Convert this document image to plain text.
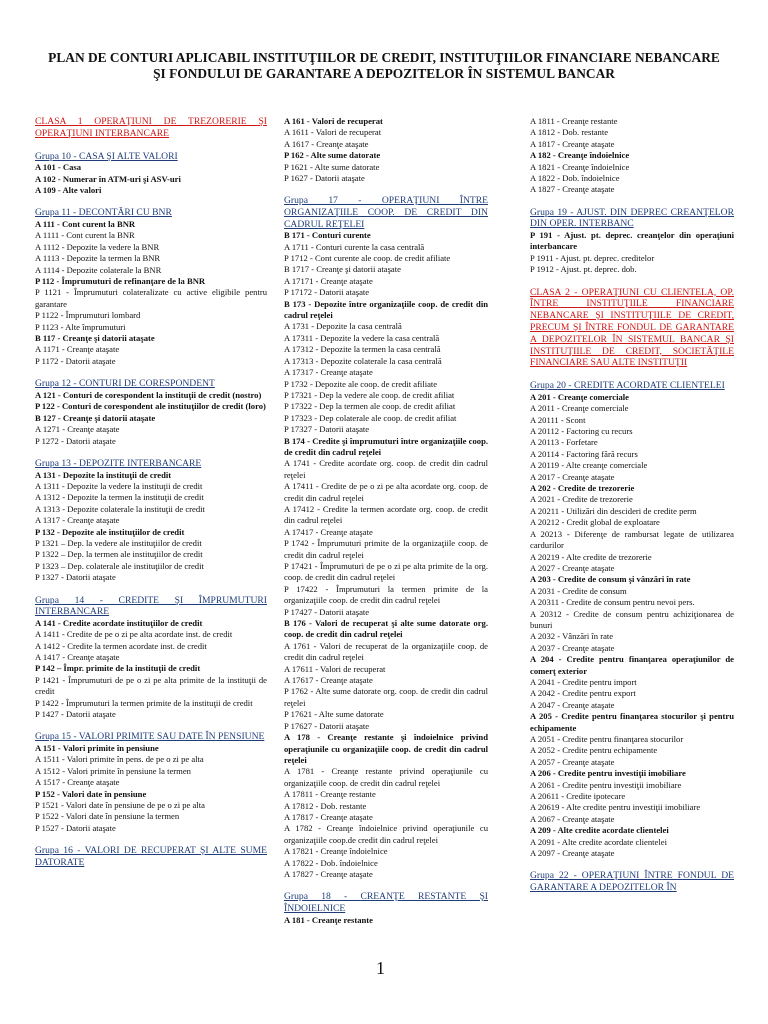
PLAN DE CONTURI APLICABIL INSTITUŢIILOR DE CREDIT, INSTITUŢIILOR FINANCIARE NEBANCARE
ŞI FONDULUI DE GARANTARE A DEPOZITELOR ÎN SISTEMUL BANCAR
CLASA 1 OPERAŢIUNI DE TREZORERIE ŞI OPERAŢIUNI INTERBANCARE
Grupa 10 - CASA ŞI ALTE VALORI
A 101 - Casa
A 102 - Numerar în ATM-uri şi ASV-uri
A 109 - Alte valori
Grupa 11 - DECONTĂRI CU BNR
A 111 - Cont curent la BNR
A 1111 - Cont curent la BNR
A 1112 - Depozite la vedere la BNR
A 1113 - Depozite la termen la BNR
A 1114 - Depozite colaterale la BNR
P 112 - Împrumuturi de refinanţare de la BNR
P 1121 - Împrumuturi colateralizate cu active eligibile pentru garantare
P 1122 - Împrumuturi lombard
P 1123 - Alte împrumuturi
B 117 - Creanţe şi datorii ataşate
A 1171 - Creanţe ataşate
P 1172 - Datorii ataşate
Grupa 12 - CONTURI DE CORESPONDENT
A 121 - Conturi de corespondent la instituţii de credit (nostro)
P 122 - Conturi de corespondent ale instituţiilor de credit (loro)
B 127 - Creanţe şi datorii ataşate
A 1271 - Creanţe ataşate
P 1272 - Datorii ataşate
Grupa 13 - DEPOZITE INTERBANCARE
A 131 - Depozite la instituţii de credit
A 1311 - Depozite la vedere la instituţii de credit
A 1312 - Depozite la termen la instituţii de credit
A 1313 - Depozite colaterale la instituţii de credit
A 1317 - Creanţe ataşate
P 132 - Depozite ale instituţiilor de credit
P 1321 – Dep. la vedere ale instituţiilor de credit
P 1322 – Dep. la termen ale instituţiilor de credit
P 1323 – Dep. colaterale ale instituţiilor de credit
P 1327 - Datorii ataşate
Grupa 14 - CREDITE ŞI ÎMPRUMUTURI INTERBANCARE
A 141 - Credite acordate instituţiilor de credit
A 1411 - Credite de pe o zi pe alta acordate inst. de credit
A 1412 - Credite la termen acordate inst. de credit
A 1417 - Creanţe ataşate
P 142 – Împr. primite de la instituţii de credit
P 1421 - Împrumuturi de pe o zi pe alta primite de la instituţii de credit
P 1422 - Împrumuturi la termen primite de la instituţii de credit
P 1427 - Datorii ataşate
Grupa 15 - VALORI PRIMITE SAU DATE ÎN PENSIUNE
A 151 - Valori primite în pensiune
A 1511 - Valori primite în pens. de pe o zi pe alta
A 1512 - Valori primite în pensiune la termen
A 1517 - Creanţe ataşate
P 152 - Valori date în pensiune
P 1521 - Valori date în pensiune de pe o zi pe alta
P 1522 - Valori date în pensiune la termen
P 1527 - Datorii ataşate
Grupa 16 - VALORI DE RECUPERAT ŞI ALTE SUME DATORATE
A 161 - Valori de recuperat
A 1611 - Valori de recuperat
A 1617 - Creanţe ataşate
P 162 - Alte sume datorate
P 1621 - Alte sume datorate
P 1627 - Datorii ataşate
Grupa 17 - OPERAŢIUNI ÎNTRE ORGANIZAŢIILE COOP. DE CREDIT DIN CADRUL REŢELEI
B 171 - Conturi curente
A 1711 - Conturi curente la casa centrală
P 1712 - Cont curente ale coop. de credit afiliate
B 1717 - Creanţe şi datorii ataşate
A 17171 - Creanţe ataşate
P 17172 - Datorii ataşate
B 173 - Depozite între organizaţiile coop. de credit din cadrul reţelei
A 1731 - Depozite la casa centrală
A 17311 - Depozite la vedere la casa centrală
A 17312 - Depozite la termen la casa centrală
A 17313 - Depozite colaterale la casa centrală
A 17317 - Creanţe ataşate
P 1732 - Depozite ale coop. de credit afiliate
P 17321 - Dep la vedere ale coop. de credit afiliat
P 17322 - Dep la termen ale coop. de credit afiliat
P 17323 - Dep colaterale ale coop. de credit afiliat
P 17327 - Datorii ataşate
B 174 - Credite şi împrumuturi între organizaţiile coop. de credit din cadrul reţelei
A 1741 - Credite acordate org. coop. de credit din cadrul reţelei
A 17411 - Credite de pe o zi pe alta acordate org. coop. de credit din cadrul reţelei
A 17412 - Credite la termen acordate org. coop. de credit din cadrul reţelei
A 17417 - Creanţe ataşate
P 1742 - Împrumuturi primite de la organizaţiile coop. de credit din cadrul reţelei
P 17421 - Împrumuturi de pe o zi pe alta primite de la org. coop. de credit din cadrul reţelei
P 17422 - Împrumuturi la termen primite de la organizaţiile coop. de credit din cadrul reţelei
P 17427 - Datorii ataşate
B 176 - Valori de recuperat şi alte sume datorate org. coop. de credit din cadrul reţelei
A 1761 - Valori de recuperat de la organizaţiile coop. de credit din cadrul reţelei
A 17611 - Valori de recuperat
A 17617 - Creanţe ataşate
P 1762 - Alte sume datorate org. coop. de credit din cadrul reţelei
P 17621 - Alte sume datorate
P 17627 - Datorii ataşate
A 178 - Creanţe restante şi îndoielnice privind operaţiunile cu organizaţiile coop. de credit din cadrul reţelei
A 1781 - Creanţe restante privind operaţiunile cu organizaţiile coop. de credit din cadrul reţelei
A 17811 - Creanţe restante
A 17812 - Dob. restante
A 17817 - Creanţe ataşate
A 1782 - Creanţe îndoielnice privind operaţiunile cu organizaţiile coop.de credit din cadrul reţelei
A 17821 - Creanţe îndoielnice
A 17822 - Dob. îndoielnice
A 17827 - Creanţe ataşate
Grupa 18 - CREANŢE RESTANTE ŞI ÎNDOIELNICE
A 181 - Creanţe restante
A 1811 - Creanţe restante
A 1812 - Dob. restante
A 1817 - Creanţe ataşate
A 182 - Creanţe îndoielnice
A 1821 - Creanţe îndoielnice
A 1822 - Dob. îndoielnice
A 1827 - Creanţe ataşate
Grupa 19 - AJUST. DIN DEPREC CREANŢELOR DIN OPER. INTERBANC
P 191 - Ajust. pt. deprec. creanţelor din operaţiuni interbancare
P 1911 - Ajust. pt. deprec. creditelor
P 1912 - Ajust. pt. deprec. dob.
CLASA 2 - OPERAŢIUNI CU CLIENTELA, OP. ÎNTRE INSTITUŢIILE FINANCIARE NEBANCARE ŞI INSTITUŢIILE DE CREDIT, PRECUM ŞI ÎNTRE FONDUL DE GARANTARE A DEPOZITELOR ÎN SISTEMUL BANCAR ŞI INSTITUŢIILE DE CREDIT, SOCIETĂŢILE FINANCIARE SAU ALTE INSTITUŢII
Grupa 20 - CREDITE ACORDATE CLIENTELEI
A 201 - Creanţe comerciale
A 2011 - Creanţe comerciale
A 20111 - Scont
A 20112 - Factoring cu recurs
A 20113 - Forfetare
A 20114 - Factoring fără recurs
A 20119 - Alte creanţe comerciale
A 2017 - Creanţe ataşate
A 202 - Credite de trezorerie
A 2021 - Credite de trezorerie
A 20211 - Utilizări din descideri de credite perm
A 20212 - Credit global de exploatare
A 20213 - Diferenţe de rambursat legate de utilizarea cardurilor
A 20219 - Alte credite de trezorerie
A 2027 - Creanţe ataşate
A 203 - Credite de consum şi vânzări în rate
A 2031 - Credite de consum
A 20311 - Credite de consum pentru nevoi pers.
A 20312 - Credite de consum pentru achiziţionarea de bunuri
A 2032 - Vânzări în rate
A 2037 - Creanţe ataşate
A 204 - Credite pentru finanţarea operaţiunilor de comerţ exterior
A 2041 - Credite pentru import
A 2042 - Credite pentru export
A 2047 - Creanţe ataşate
A 205 - Credite pentru finanţarea stocurilor şi pentru echipamente
A 2051 - Credite pentru finanţarea stocurilor
A 2052 - Credite pentru echipamente
A 2057 - Creanţe ataşate
A 206 - Credite pentru investiţii imobiliare
A 2061 - Credite pentru investiţii imobiliare
A 20611 - Credite ipotecare
A 20619 - Alte credite pentru investiţii imobiliare
A 2067 - Creanţe ataşate
A 209 - Alte credite acordate clientelei
A 2091 - Alte credite acordate clientelei
A 2097 - Creanţe ataşate
Grupa 22 - OPERAŢIUNI ÎNTRE FONDUL DE GARANTARE A DEPOZITELOR ÎN
1
